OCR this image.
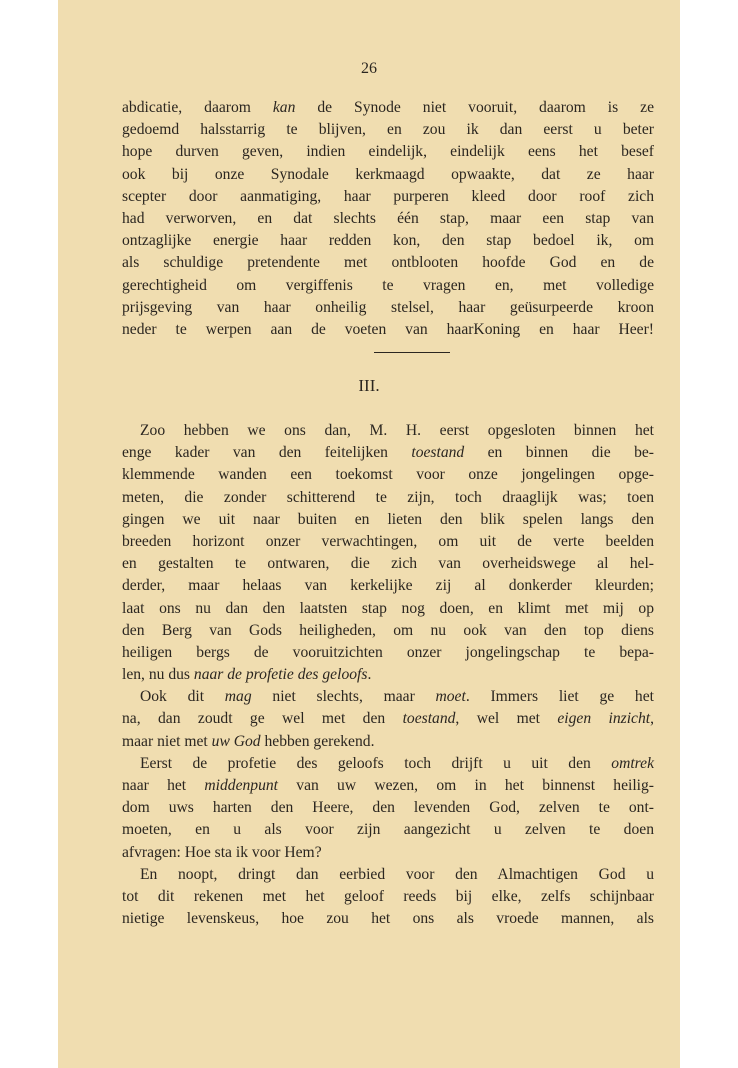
26
abdicatie, daarom kan de Synode niet vooruit, daarom is ze
gedoemd halsstarrig te blijven, en zou ik dan eerst u beter
hope durven geven, indien eindelijk, eindelijk eens het besef
ook bij onze Synodale kerkmaagd opwaakte, dat ze haar
scepter door aanmatiging, haar purperen kleed door roof zich
had verworven, en dat slechts één stap, maar een stap van
ontzaglijke energie haar redden kon, den stap bedoel ik, om
als schuldige pretendente met ontblooten hoofde God en de
gerechtigheid om vergiffenis te vragen en, met volledige
prijsgeving van haar onheilig stelsel, haar geüsurpeerde kroon
neder te werpen aan de voeten van haarKoning en haar Heer!
III.
Zoo hebben we ons dan, M. H. eerst opgesloten binnen het
enge kader van den feitelijken toestand en binnen die be-
klemmende wanden een toekomst voor onze jongelingen opge-
meten, die zonder schitterend te zijn, toch draaglijk was; toen
gingen we uit naar buiten en lieten den blik spelen langs den
breeden horizont onzer verwachtingen, om uit de verte beelden
en gestalten te ontwaren, die zich van overheidswege al hel-
derder, maar helaas van kerkelijke zij al donkerder kleurden;
laat ons nu dan den laatsten stap nog doen, en klimt met mij op
den Berg van Gods heiligheden, om nu ook van den top diens
heiligen bergs de vooruitzichten onzer jongelingschap te bepa-
len, nu dus naar de profetie des geloofs.
Ook dit mag niet slechts, maar moet. Immers liet ge het
na, dan zoudt ge wel met den toestand, wel met eigen inzicht,
maar niet met uw God hebben gerekend.
Eerst de profetie des geloofs toch drijft u uit den omtrek
naar het middenpunt van uw wezen, om in het binnenst heilig-
dom uws harten den Heere, den levenden God, zelven te ont-
moeten, en u als voor zijn aangezicht u zelven te doen
afvragen: Hoe sta ik voor Hem?
En noopt, dringt dan eerbied voor den Almachtigen God u
tot dit rekenen met het geloof reeds bij elke, zelfs schijnbaar
nietige levenskeus, hoe zou het ons als vroede mannen, als
